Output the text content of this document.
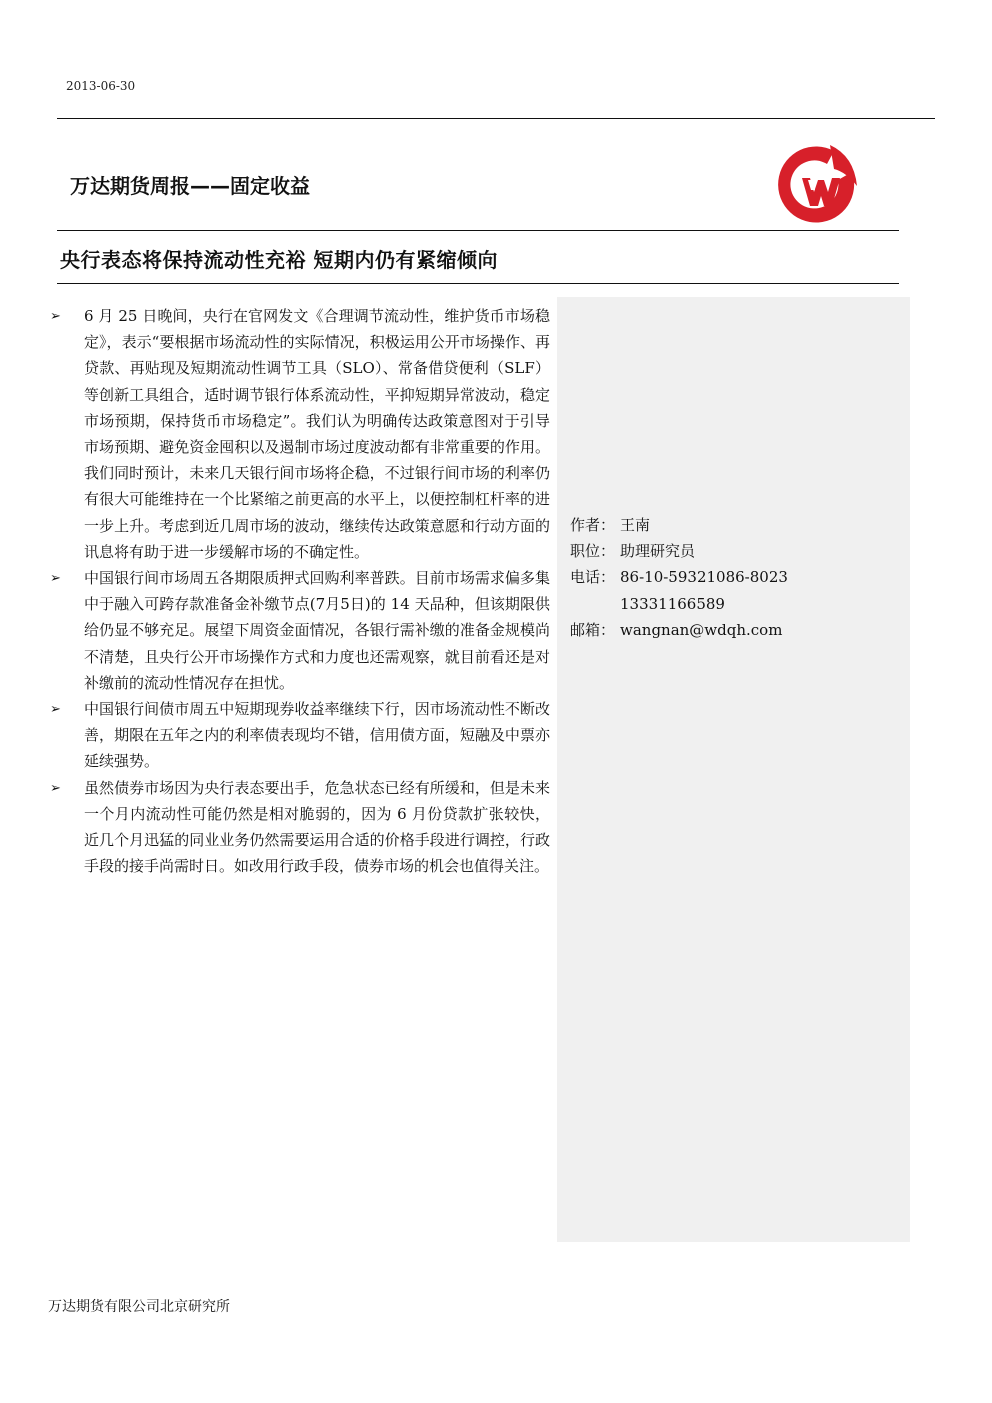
2013-06-30
万达期货周报——固定收益
央行表态将保持流动性充裕 短期内仍有紧缩倾向
➢	6 月 25 日晚间，央行在官网发文《合理调节流动性，维护货币市场稳定》，表示“要根据市场流动性的实际情况，积极运用公开市场操作、再贷款、再贴现及短期流动性调节工具（SLO）、常备借贷便利（SLF）等创新工具组合，适时调节银行体系流动性，平抑短期异常波动，稳定市场预期，保持货币市场稳定”。我们认为明确传达政策意图对于引导市场预期、避免资金囤积以及遏制市场过度波动都有非常重要的作用。我们同时预计，未来几天银行间市场将企稳，不过银行间市场的利率仍有很大可能维持在一个比紧缩之前更高的水平上，以便控制杠杆率的进一步上升。考虑到近几周市场的波动，继续传达政策意愿和行动方面的讯息将有助于进一步缓解市场的不确定性。
➢	中国银行间市场周五各期限质押式回购利率普跌。目前市场需求偏多集中于融入可跨存款准备金补缴节点(7月5日)的 14 天品种，但该期限供给仍显不够充足。展望下周资金面情况，各银行需补缴的准备金规模尚不清楚，且央行公开市场操作方式和力度也还需观察，就目前看还是对补缴前的流动性情况存在担忧。
➢	中国银行间债市周五中短期现券收益率继续下行，因市场流动性不断改善，期限在五年之内的利率债表现均不错，信用债方面，短融及中票亦延续强势。
➢	虽然债券市场因为央行表态要出手，危急状态已经有所缓和，但是未来一个月内流动性可能仍然是相对脆弱的，因为 6 月份贷款扩张较快，近几个月迅猛的同业业务仍然需要运用合适的价格手段进行调控，行政手段的接手尚需时日。如改用行政手段，债券市场的机会也值得关注。
作者： 王南
职位： 助理研究员
电话： 86-10-59321086-8023
13331166589
邮箱： wangnan@wdqh.com
万达期货有限公司北京研究所
